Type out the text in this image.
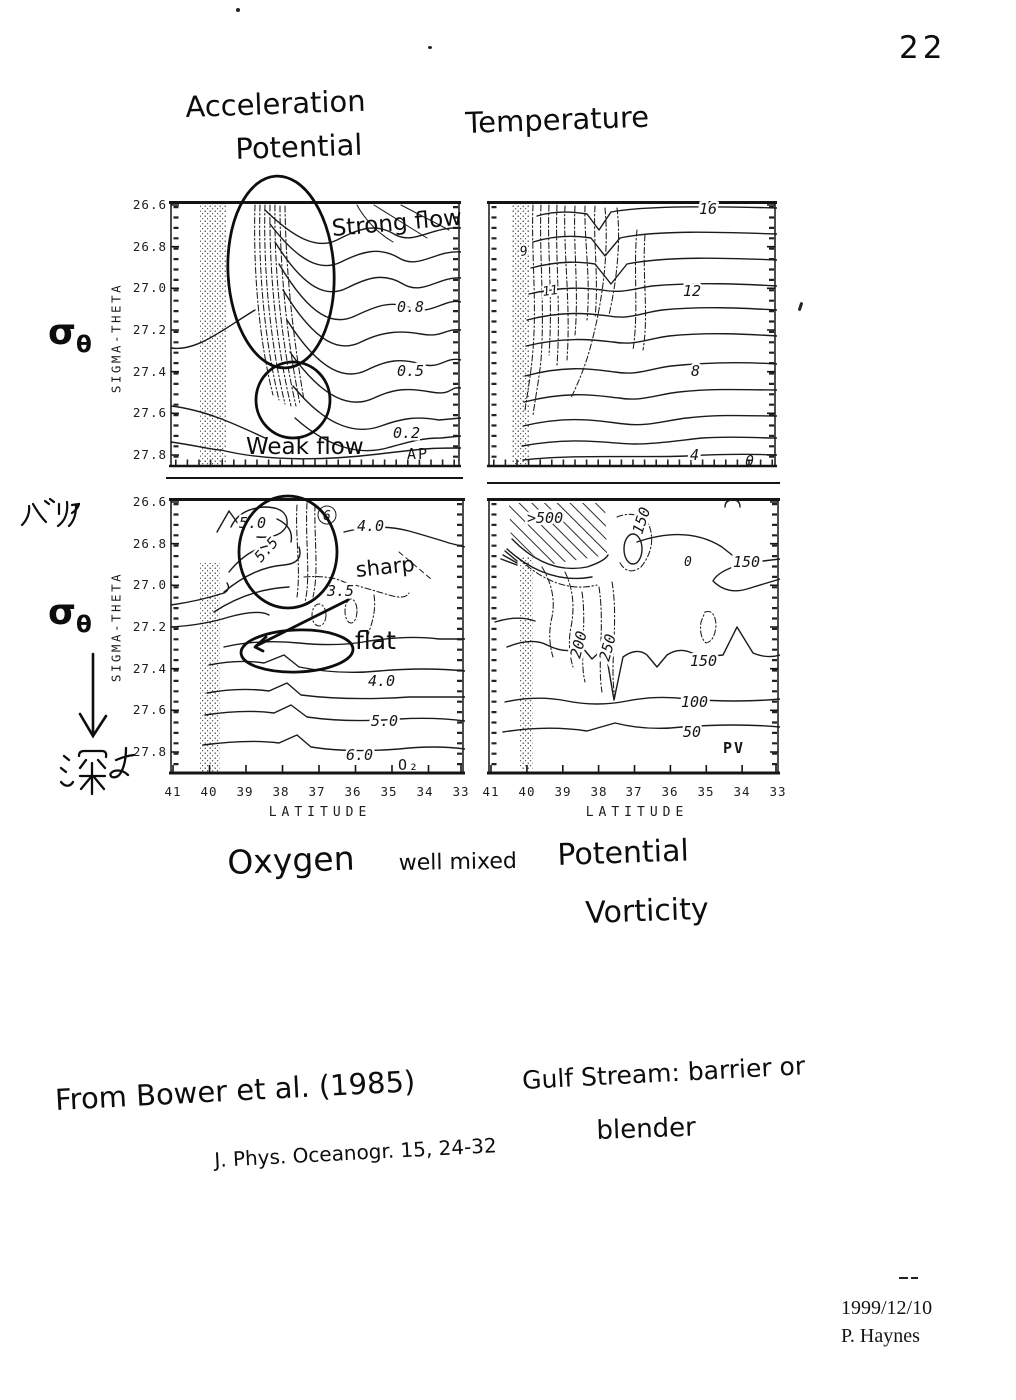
22
Acceleration
Potential
Temperature
$\sigma_\theta$
$\sigma_\theta$
SIGMA-THETA
26.6
26.8
27.0
27.2
27.4
27.6
27.8
SIGMA-THETA
26.6
26.8
27.0
27.2
27.4
27.6
27.8
0.8
0.5
0.2
AP
16
12
8
4
9
11
θ
5.0
5.5
6
4.0
3.5
4.0
5.0
6.0
O₂
>500	150
0	150
200 250	150
100
50
PV
Strong flow
Weak flow
sharp
flat
41 40 39 38 37 36 35 34 33
LATITUDE
41 40 39 38 37 36 35 34 33
LATITUDE
Oxygen well mixed Potential
Vorticity
From Bower et al. (1985)	Gulf Stream: barrier or
blender
J. Phys. Oceanogr. 15, 24-32
1999/12/10
P. Haynes
